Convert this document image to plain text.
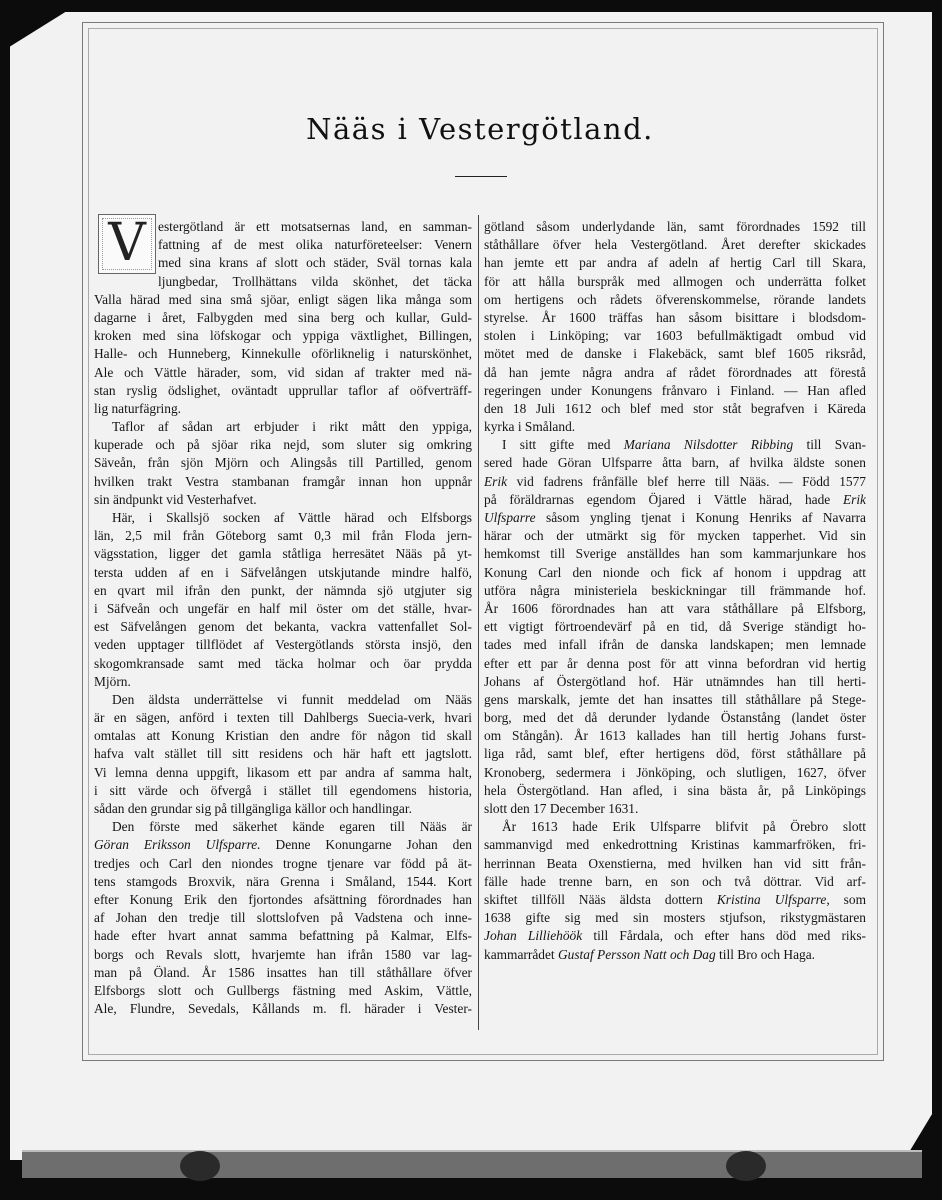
Nääs i Vestergötland.
V estergötland är ett motsatsernas land, en samman-
fattning af de mest olika naturföreteelser: Venern
med sina krans af slott och städer, Sväl tornas kala
ljungbedar, Trollhättans vilda skönhet, det täcka
Valla härad med sina små sjöar, enligt sägen lika många som
dagarne i året, Falbygden med sina berg och kullar, Guld-
kroken med sina löfskogar och yppiga växtlighet, Billingen,
Halle- och Hunneberg, Kinnekulle oförliknelig i naturskönhet,
Ale och Vättle härader, som, vid sidan af trakter med nä-
stan ryslig ödslighet, oväntadt upprullar taflor af oöfverträff-
lig naturfägring.
Taflor af sådan art erbjuder i rikt mått den yppiga,
kuperade och på sjöar rika nejd, som sluter sig omkring
Säveån, från sjön Mjörn och Alingsås till Partilled, genom
hvilken trakt Vestra stambanan framgår innan hon uppnår
sin ändpunkt vid Vesterhafvet.
Här, i Skallsjö socken af Vättle härad och Elfsborgs
län, 2,5 mil från Göteborg samt 0,3 mil från Floda jern-
vägsstation, ligger det gamla ståtliga herresätet Nääs på yt-
tersta udden af en i Säfvelången utskjutande mindre halfö,
en qvart mil ifrån den punkt, der nämnda sjö utgjuter sig
i Säfveån och ungefär en half mil öster om det ställe, hvar-
est Säfvelången genom det bekanta, vackra vattenfallet Sol-
veden upptager tillflödet af Vestergötlands största insjö, den
skogomkransade samt med täcka holmar och öar prydda
Mjörn.
Den äldsta underrättelse vi funnit meddelad om Nääs
är en sägen, anförd i texten till Dahlbergs Suecia-verk, hvari
omtalas att Konung Kristian den andre för någon tid skall
hafva valt stället till sitt residens och här haft ett jagtslott.
Vi lemna denna uppgift, likasom ett par andra af samma halt,
i sitt värde och öfvergå i stället till egendomens historia,
sådan den grundar sig på tillgängliga källor och handlingar.
Den förste med säkerhet kände egaren till Nääs är
Göran Eriksson Ulfsparre. Denne Konungarne Johan den
tredjes och Carl den niondes trogne tjenare var född på ät-
tens stamgods Broxvik, nära Grenna i Småland, 1544. Kort
efter Konung Erik den fjortondes afsättning förordnades han
af Johan den tredje till slottslofven på Vadstena och inne-
hade efter hvart annat samma befattning på Kalmar, Elfs-
borgs och Revals slott, hvarjemte han ifrån 1580 var lag-
man på Öland. År 1586 insattes han till ståthållare öfver
Elfsborgs slott och Gullbergs fästning med Askim, Vättle,
Ale, Flundre, Sevedals, Kållands m. fl. härader i Vester-
götland såsom underlydande län, samt förordnades 1592 till
ståthållare öfver hela Vestergötland. Året derefter skickades
han jemte ett par andra af adeln af hertig Carl till Skara,
för att hålla burspråk med allmogen och underrätta folket
om hertigens och rådets öfverenskommelse, rörande landets
styrelse. År 1600 träffas han såsom bisittare i blodsdom-
stolen i Linköping; var 1603 befullmäktigadt ombud vid
mötet med de danske i Flakebäck, samt blef 1605 riksråd,
då han jemte några andra af rådet förordnades att förestå
regeringen under Konungens frånvaro i Finland. — Han afled
den 18 Juli 1612 och blef med stor ståt begrafven i Käreda
kyrka i Småland.
I sitt gifte med Mariana Nilsdotter Ribbing till Svan-
sered hade Göran Ulfsparre åtta barn, af hvilka äldste sonen
Erik vid fadrens frånfälle blef herre till Nääs. — Född 1577
på föräldrarnas egendom Öjared i Vättle härad, hade Erik
Ulfsparre såsom yngling tjenat i Konung Henriks af Navarra
härar och der utmärkt sig för mycken tapperhet. Vid sin
hemkomst till Sverige anställdes han som kammarjunkare hos
Konung Carl den nionde och fick af honom i uppdrag att
utföra några ministeriela beskickningar till främmande hof.
År 1606 förordnades han att vara ståthållare på Elfsborg,
ett vigtigt förtroendevärf på en tid, då Sverige ständigt ho-
tades med infall ifrån de danska landskapen; men lemnade
efter ett par år denna post för att vinna befordran vid hertig
Johans af Östergötland hof. Här utnämndes han till herti-
gens marskalk, jemte det han insattes till ståthållare på Stege-
borg, med det då derunder lydande Östanstång (landet öster
om Stångån). År 1613 kallades han till hertig Johans furst-
liga råd, samt blef, efter hertigens död, först ståthållare på
Kronoberg, sedermera i Jönköping, och slutligen, 1627, öfver
hela Östergötland. Han afled, i sina bästa år, på Linköpings
slott den 17 December 1631.
År 1613 hade Erik Ulfsparre blifvit på Örebro slott
sammanvigd med enkedrottning Kristinas kammarfröken, fri-
herrinnan Beata Oxenstierna, med hvilken han vid sitt från-
fälle hade trenne barn, en son och två döttrar. Vid arf-
skiftet tillföll Nääs äldsta dottern Kristina Ulfsparre, som
1638 gifte sig med sin mosters stjufson, rikstygmästaren
Johan Lilliehöök till Fårdala, och efter hans död med riks-
kammarrådet Gustaf Persson Natt och Dag till Bro och Haga.
